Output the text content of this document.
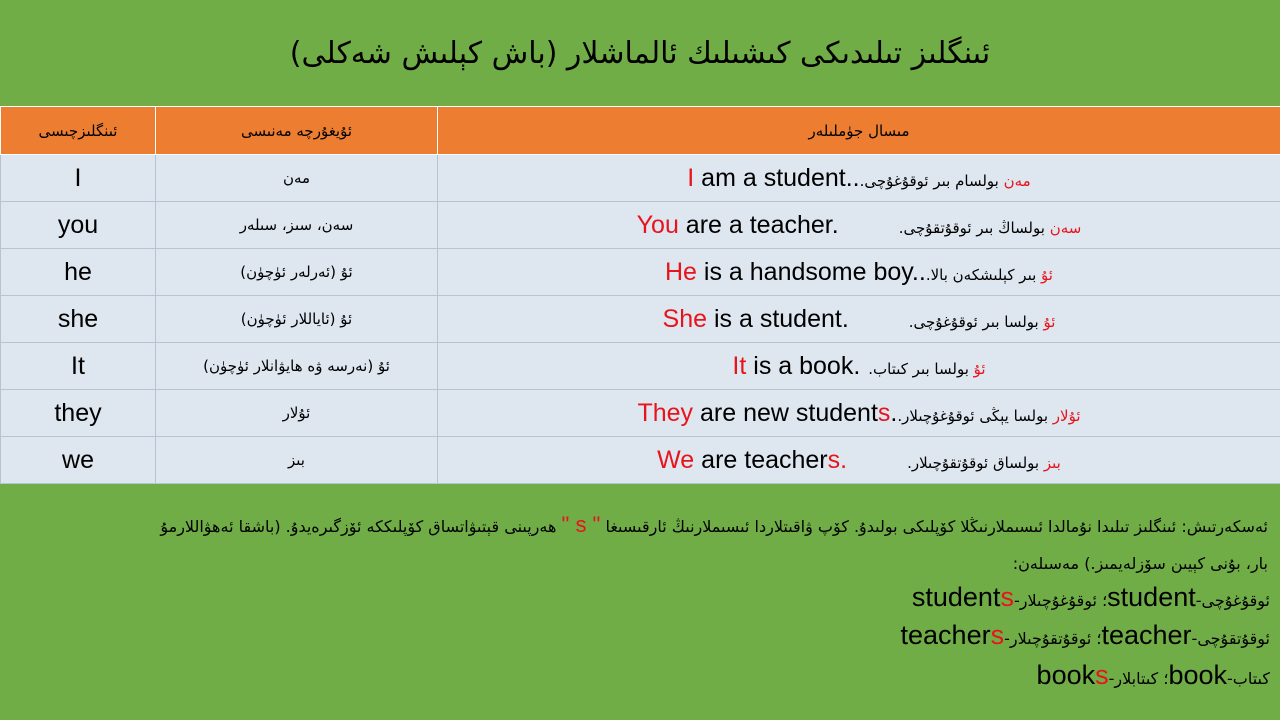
ئىنگلىز تىلىدىكى كىشىلىك ئالماشلار (باش كېلىش شەكلى)
ئىنگلىزچىسى	ئۇيغۇرچە مەنىسى	مىسال جۈملىلەر
I	مەن	I am a student.. مەن بولسام بىر ئوقۇغۇچى.
you	سەن، سىز، سىلەر	You are a teacher. سەن بولساڭ بىر ئوقۇتقۇچى.
he	ئۇ (ئەرلەر ئۈچۈن)	He is a handsome boy.. ئۇ بىر كېلىشكەن بالا.
she	ئۇ (ئاياللار ئۈچۈن)	She is a student. ئۇ بولسا بىر ئوقۇغۇچى.
It	ئۇ (نەرسە ۋە ھايۋانلار ئۈچۈن)	It is a book. ئۇ بولسا بىر كىتاب.
they	ئۇلار	They are new students. ئۇلار بولسا يېڭى ئوقۇغۇچىلار.
we	بىز	We are teachers. بىز بولساق ئوقۇتقۇچىلار.
ئەسكەرتىش: ئىنگلىز تىلىدا نۇمالدا ئىسىملارنىڭلا كۆپلىكى بولىدۇ. كۆپ ۋاقىتلاردا ئىسىملارنىڭ ئارقىسىغا " s " ھەرپىنى قېتىۋاتساق كۆپلىككە ئۆزگىرەيدۇ. (باشقا ئەھۋاللارمۇ
بار، بۇنى كېيىن سۆزلەيمىز.) مەسىلەن:
ئوقۇغۇچى-student؛ ئوقۇغۇچىلار-students
ئوقۇتقۇچى-teacher؛ ئوقۇتقۇچىلار-teachers
كىتاب-book؛ كىتابلار-books
